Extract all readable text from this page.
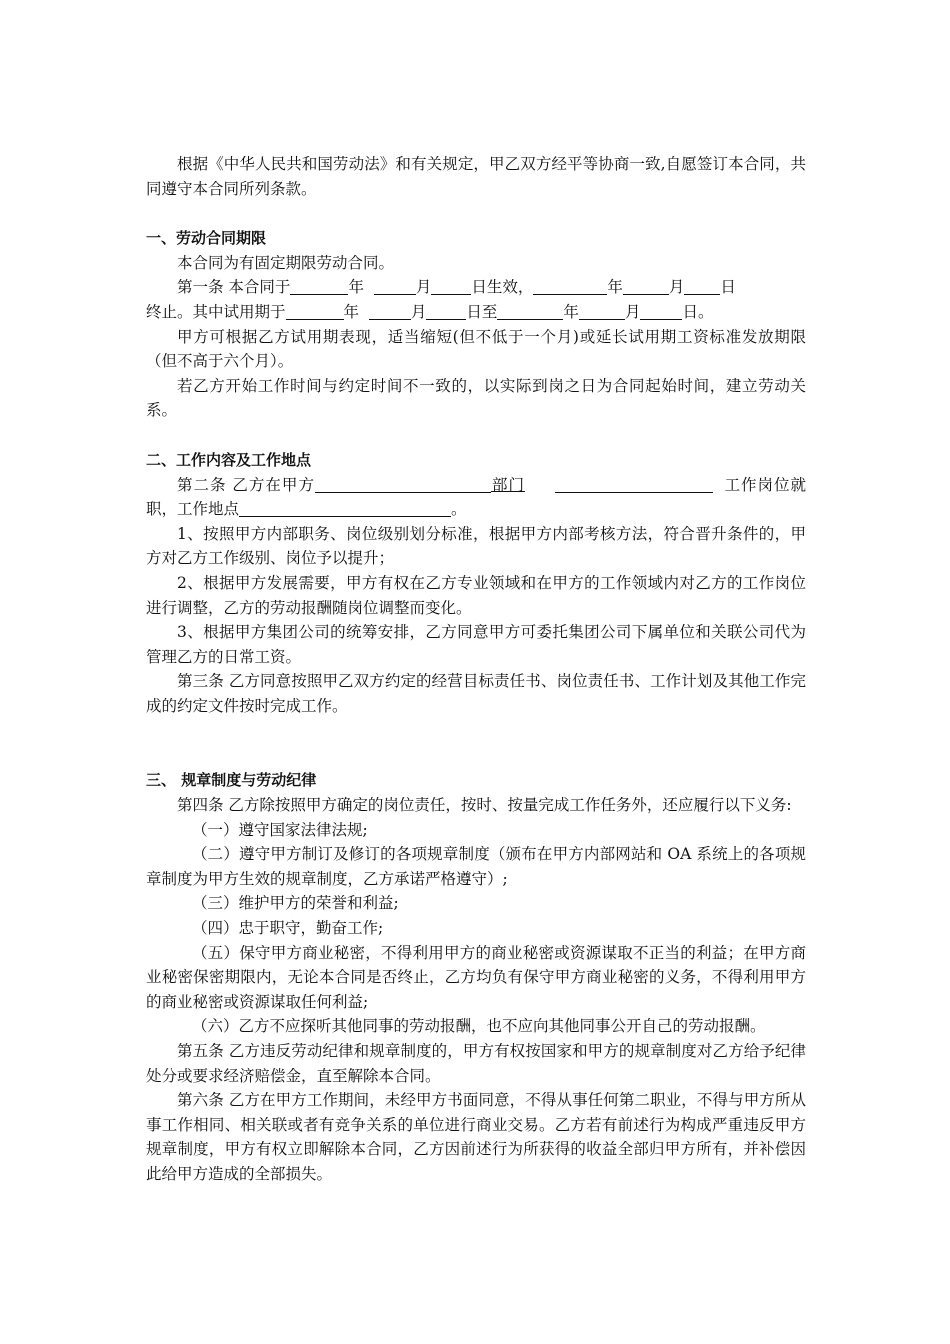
根据《中华人民共和国劳动法》和有关规定，甲乙双方经平等协商一致,自愿签订本合同，共同遵守本合同所列条款。

一、劳动合同期限

本合同为有固定期限劳动合同。

第一条 本合同于	年	月	日生效，	年	月 日

终止。其中试用期于	年	月	日至	年	月	日。

甲方可根据乙方试用期表现，适当缩短(但不低于一个月)或延长试用期工资标准发放期限（但不高于六个月）。

若乙方开始工作时间与约定时间不一致的，以实际到岗之日为合同起始时间，建立劳动关系。

二、工作内容及工作地点

第二条 乙方在甲方	部门	工作岗位就职，工作地点	。

1、按照甲方内部职务、岗位级别划分标准，根据甲方内部考核方法，符合晋升条件的，甲方对乙方工作级别、岗位予以提升；

2、根据甲方发展需要，甲方有权在乙方专业领域和在甲方的工作领域内对乙方的工作岗位进行调整，乙方的劳动报酬随岗位调整而变化。

3、根据甲方集团公司的统筹安排，乙方同意甲方可委托集团公司下属单位和关联公司代为管理乙方的日常工资。

第三条 乙方同意按照甲乙双方约定的经营目标责任书、岗位责任书、工作计划及其他工作完成的约定文件按时完成工作。

三、 规章制度与劳动纪律

第四条 乙方除按照甲方确定的岗位责任，按时、按量完成工作任务外，还应履行以下义务:

（一）遵守国家法律法规;

（二）遵守甲方制订及修订的各项规章制度（颁布在甲方内部网站和 OA 系统上的各项规章制度为甲方生效的规章制度，乙方承诺严格遵守）;

（三）维护甲方的荣誉和利益;

（四）忠于职守，勤奋工作;

（五）保守甲方商业秘密，不得利用甲方的商业秘密或资源谋取不正当的利益；在甲方商业秘密保密期限内，无论本合同是否终止，乙方均负有保守甲方商业秘密的义务，不得利用甲方的商业秘密或资源谋取任何利益;

（六）乙方不应探听其他同事的劳动报酬，也不应向其他同事公开自己的劳动报酬。

第五条 乙方违反劳动纪律和规章制度的，甲方有权按国家和甲方的规章制度对乙方给予纪律处分或要求经济赔偿金，直至解除本合同。

第六条 乙方在甲方工作期间，未经甲方书面同意，不得从事任何第二职业，不得与甲方所从事工作相同、相关联或者有竞争关系的单位进行商业交易。乙方若有前述行为构成严重违反甲方规章制度，甲方有权立即解除本合同，乙方因前述行为所获得的收益全部归甲方所有，并补偿因此给甲方造成的全部损失。
